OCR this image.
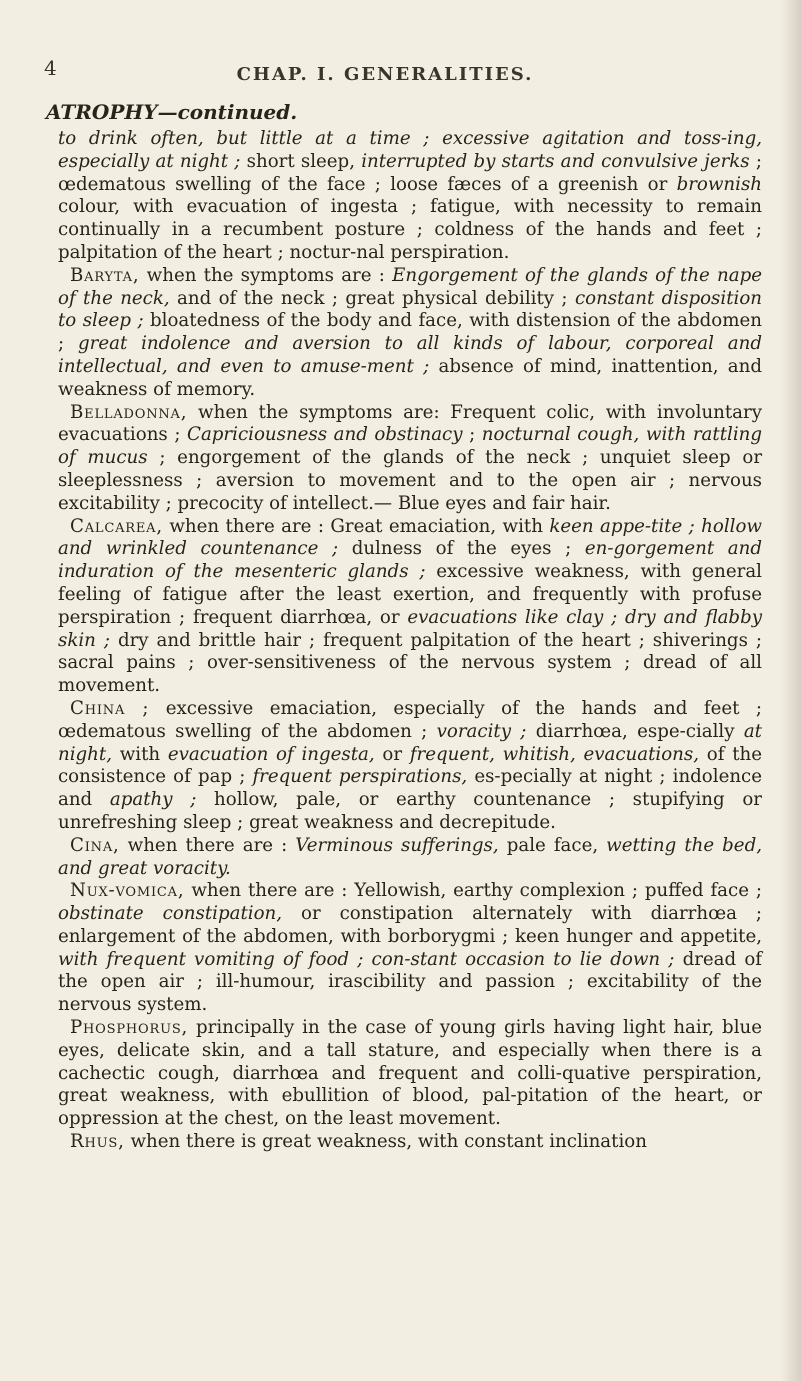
4	CHAP. I. GENERALITIES.
ATROPHY—continued.

to drink often, but little at a time ; excessive agitation and toss-ing, especially at night ; short sleep, interrupted by starts and convulsive jerks ; œdematous swelling of the face ; loose fæces of a greenish or brownish colour, with evacuation of ingesta ; fatigue, with necessity to remain continually in a recumbent posture ; coldness of the hands and feet ; palpitation of the heart ; noctur-nal perspiration.

Baryta, when the symptoms are : Engorgement of the glands of the nape of the neck, and of the neck ; great physical debility ; constant disposition to sleep ; bloatedness of the body and face, with distension of the abdomen ; great indolence and aversion to all kinds of labour, corporeal and intellectual, and even to amuse-ment ; absence of mind, inattention, and weakness of memory.

Belladonna, when the symptoms are: Frequent colic, with involuntary evacuations ; Capriciousness and obstinacy ; nocturnal cough, with rattling of mucus ; engorgement of the glands of the neck ; unquiet sleep or sleeplessness ; aversion to movement and to the open air ; nervous excitability ; precocity of intellect.— Blue eyes and fair hair.

Calcarea, when there are : Great emaciation, with keen appe-tite ; hollow and wrinkled countenance ; dulness of the eyes ; en-gorgement and induration of the mesenteric glands ; excessive weakness, with general feeling of fatigue after the least exertion, and frequently with profuse perspiration ; frequent diarrhœa, or evacuations like clay ; dry and flabby skin ; dry and brittle hair ; frequent palpitation of the heart ; shiverings ; sacral pains ; over-sensitiveness of the nervous system ; dread of all movement.

China ; excessive emaciation, especially of the hands and feet ; œdematous swelling of the abdomen ; voracity ; diarrhœa, espe-cially at night, with evacuation of ingesta, or frequent, whitish, evacuations, of the consistence of pap ; frequent perspirations, es-pecially at night ; indolence and apathy ; hollow, pale, or earthy countenance ; stupifying or unrefreshing sleep ; great weakness and decrepitude.

Cina, when there are : Verminous sufferings, pale face, wetting the bed, and great voracity.

Nux-vomica, when there are : Yellowish, earthy complexion ; puffed face ; obstinate constipation, or constipation alternately with diarrhœa ; enlargement of the abdomen, with borborygmi ; keen hunger and appetite, with frequent vomiting of food ; con-stant occasion to lie down ; dread of the open air ; ill-humour, irascibility and passion ; excitability of the nervous system.

Phosphorus, principally in the case of young girls having light hair, blue eyes, delicate skin, and a tall stature, and especially when there is a cachectic cough, diarrhœa and frequent and colli-quative perspiration, great weakness, with ebullition of blood, pal-pitation of the heart, or oppression at the chest, on the least movement.

Rhus, when there is great weakness, with constant inclination
